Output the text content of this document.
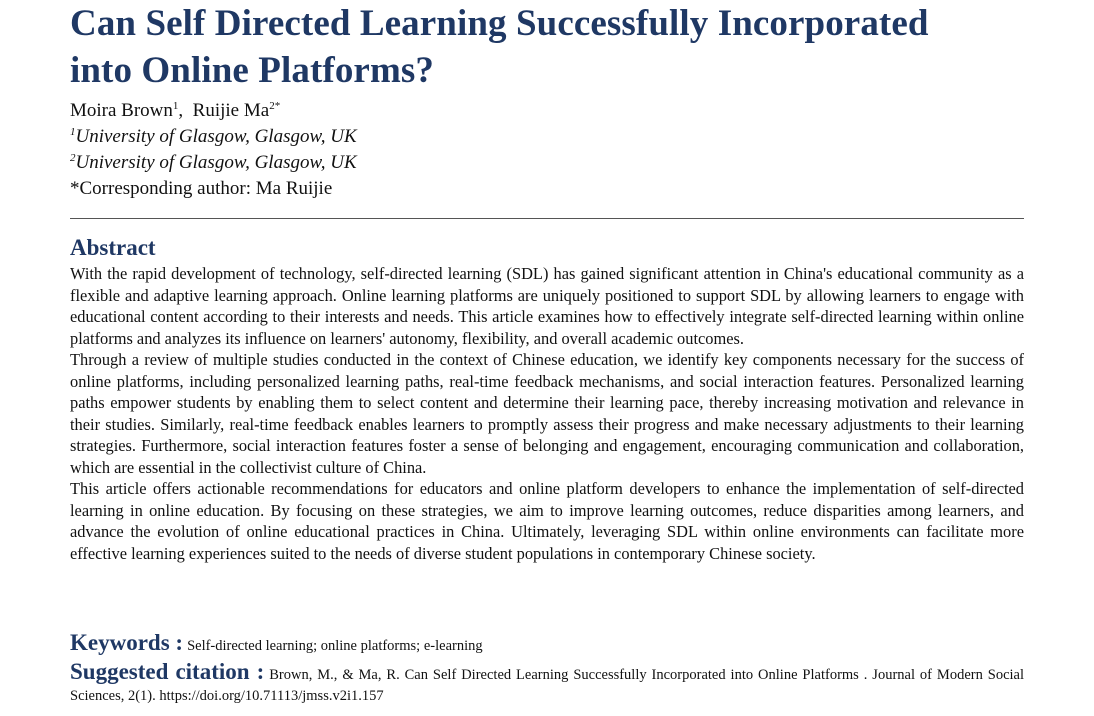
Can Self Directed Learning Successfully Incorporated
into Online Platforms?
Moira Brown$^1$,  Ruijie $Ma^{2*}$
$^1$University of Glasgow, Glasgow, UK
$^2$University of Glasgow, Glasgow, UK
*Corresponding author: Ma Ruijie
Abstract

With the rapid development of technology, self-directed learning (SDL) has gained significant attention in China's educational community as a flexible and adaptive learning approach. Online learning platforms are uniquely positioned to support SDL by allowing learners to engage with educational content according to their interests and needs. This article examines how to effectively integrate self-directed learning within online platforms and analyzes its influence on learners' autonomy, flexibility, and overall academic outcomes.

Through a review of multiple studies conducted in the context of Chinese education, we identify key components necessary for the success of online platforms, including personalized learning paths, real-time feedback mechanisms, and social interaction features. Personalized learning paths empower students by enabling them to select content and determine their learning pace, thereby increasing motivation and relevance in their studies. Similarly, real-time feedback enables learners to promptly assess their progress and make necessary adjustments to their learning strategies. Furthermore, social interaction features foster a sense of belonging and engagement, encouraging communication and collaboration, which are essential in the collectivist culture of China.

This article offers actionable recommendations for educators and online platform developers to enhance the implementation of self-directed learning in online education. By focusing on these strategies, we aim to improve learning outcomes, reduce disparities among learners, and advance the evolution of online educational practices in China. Ultimately, leveraging SDL within online environments can facilitate more effective learning experiences suited to the needs of diverse student populations in contemporary Chinese society.

Keywords : Self-directed learning; online platforms; e-learning
Suggested citation : Brown, M., & Ma, R. Can Self Directed Learning Successfully Incorporated into Online Platforms . Journal of Modern Social Sciences, 2(1). https://doi.org/10.71113/jmss.v2i1.157
